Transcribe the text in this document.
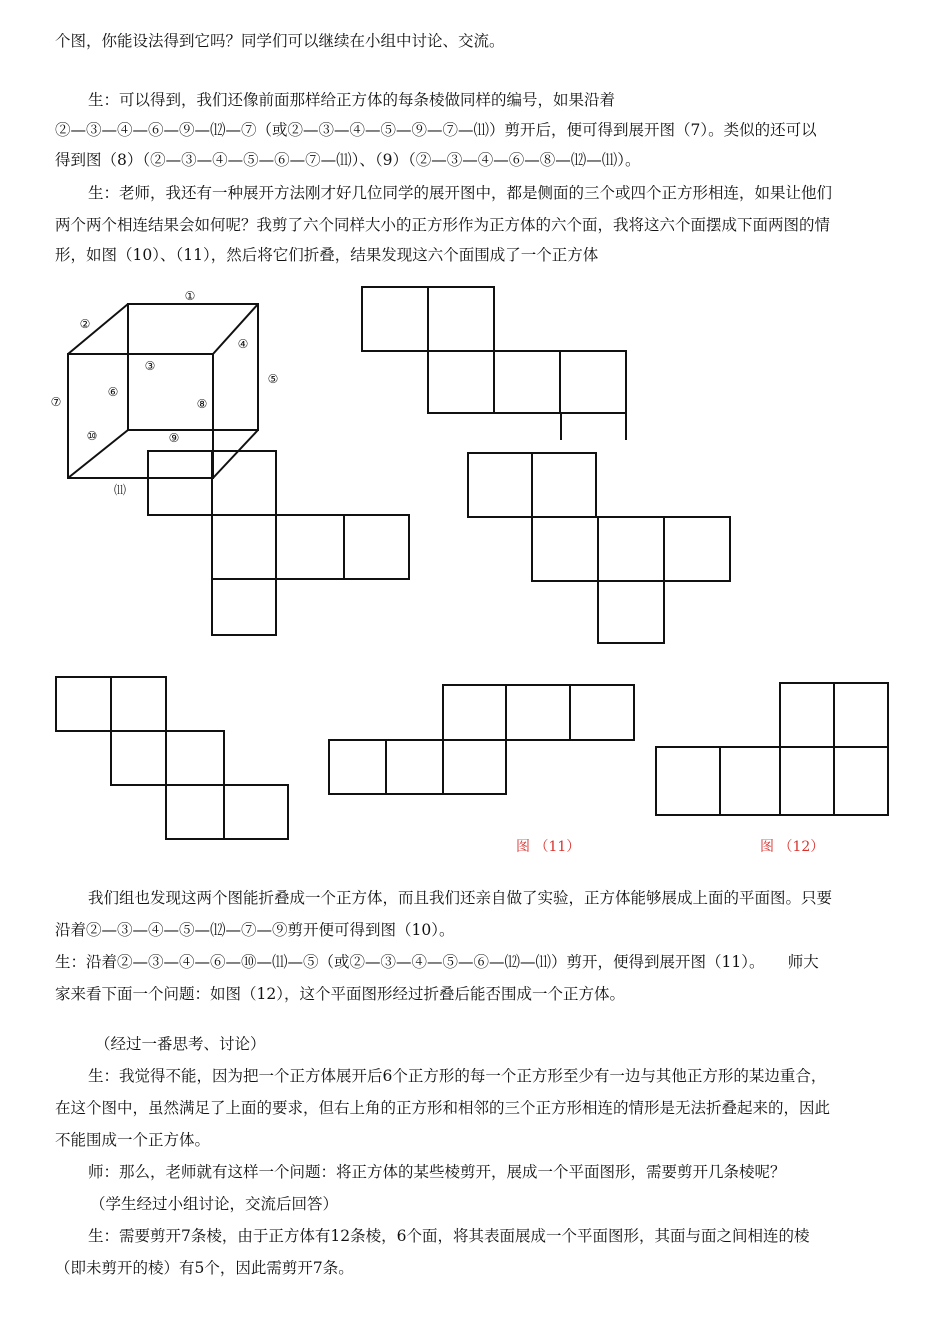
个图，你能设法得到它吗？同学们可以继续在小组中讨论、交流。
生：可以得到，我们还像前面那样给正方体的每条棱做同样的编号，如果沿着
②—③—④—⑥—⑨—⑿—⑦（或②—③—④—⑤—⑨—⑦—⑾）剪开后，便可得到展开图（7）。类似的还可以
得到图（8）（②—③—④—⑤—⑥—⑦—⑾）、（9）（②—③—④—⑥—⑧—⑿—⑾）。
生：老师，我还有一种展开方法刚才好几位同学的展开图中，都是侧面的三个或四个正方形相连，如果让他们
两个两个相连结果会如何呢？我剪了六个同样大小的正方形作为正方体的六个面，我将这六个面摆成下面两图的情
形，如图（10）、（11），然后将它们折叠，结果发现这六个面围成了一个正方体
①
②
③
④
⑤
⑥
⑦	⑧
⑨
⑩
⑾
图 （11）	图 （12）
我们组也发现这两个图能折叠成一个正方体，而且我们还亲自做了实验，正方体能够展成上面的平面图。只要
沿着②—③—④—⑤—⑿—⑦—⑨剪开便可得到图（10）。
生：沿着②—③—④—⑥—⑩—⑾—⑤（或②—③—④—⑤—⑥—⑿—⑾）剪开，便得到展开图（11）。　　师大
家来看下面一个问题：如图（12），这个平面图形经过折叠后能否围成一个正方体。
（经过一番思考、讨论）
生：我觉得不能，因为把一个正方体展开后6个正方形的每一个正方形至少有一边与其他正方形的某边重合，
在这个图中，虽然满足了上面的要求，但右上角的正方形和相邻的三个正方形相连的情形是无法折叠起来的，因此
不能围成一个正方体。
师：那么，老师就有这样一个问题：将正方体的某些棱剪开，展成一个平面图形，需要剪开几条棱呢？
（学生经过小组讨论，交流后回答）
生：需要剪开7条棱，由于正方体有12条棱，6个面，将其表面展成一个平面图形，其面与面之间相连的棱
（即未剪开的棱）有5个，因此需剪开7条。
